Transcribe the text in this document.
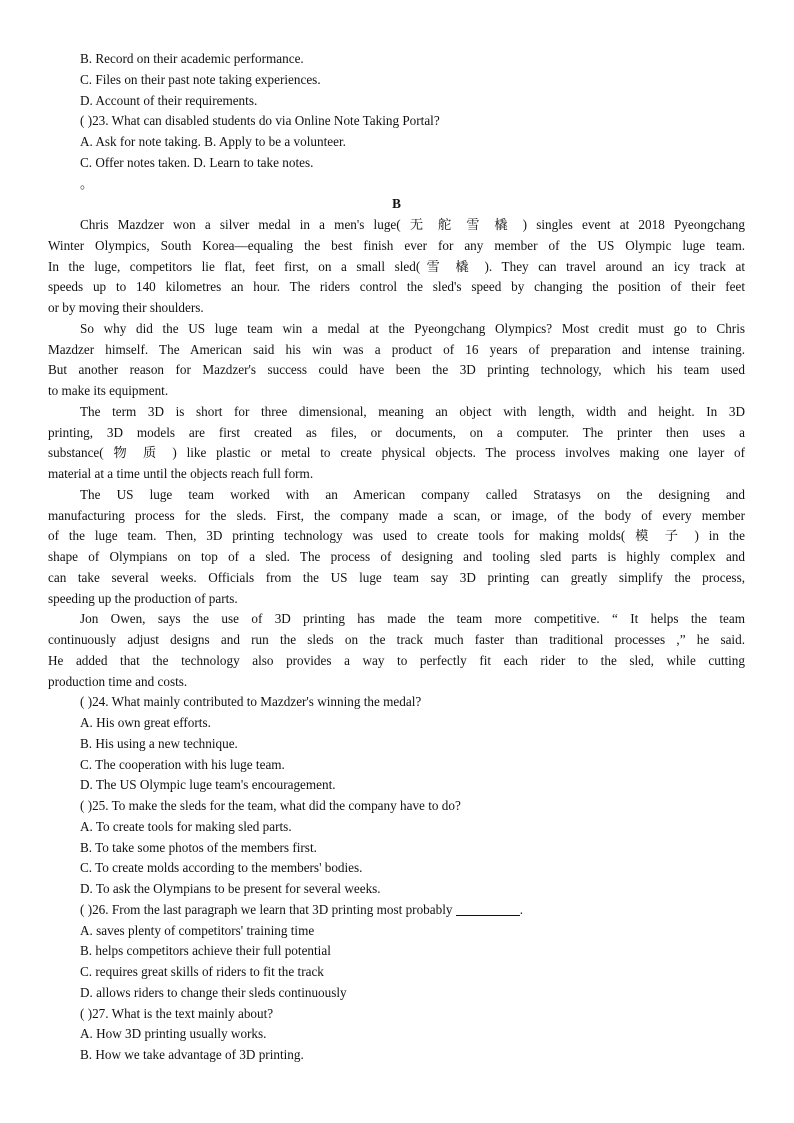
B. Record on their academic performance.
C. Files on their past note taking experiences.
D. Account of their requirements.
( )23. What can disabled students do via Online Note Taking Portal?
A. Ask for note taking. B. Apply to be a volunteer.
C. Offer notes taken. D. Learn to take notes.
。
B
Chris Mazdzer won a silver medal in a men's luge( 无 舵 雪 橇 ) singles event at 2018 Pyeongchang
Winter Olympics, South Korea—equaling the best finish ever for any member of the US Olympic luge team.
In the luge, competitors lie flat, feet first, on a small sled(雪 橇 ). They can travel around an icy track at
speeds up to 140 kilometres an hour. The riders control the sled's speed by changing the position of their feet
or by moving their shoulders.
So why did the US luge team win a medal at the Pyeongchang Olympics? Most credit must go to Chris
Mazdzer himself. The American said his win was a product of 16 years of preparation and intense training.
But another reason for Mazdzer's success could have been the 3D printing technology, which his team used
to make its equipment.
The term 3D is short for three dimensional, meaning an object with length, width and height. In 3D
printing, 3D models are first created as files, or documents, on a computer. The printer then uses a
substance( 物 质 ) like plastic or metal to create physical objects. The process involves making one layer of
material at a time until the objects reach full form.
The US luge team worked with an American company called Stratasys on the designing and
manufacturing process for the sleds. First, the company made a scan, or image, of the body of every member
of the luge team. Then, 3D printing technology was used to create tools for making molds( 模 子 ) in the
shape of Olympians on top of a sled. The process of designing and tooling sled parts is highly complex and
can take several weeks. Officials from the US luge team say 3D printing can greatly simplify the process,
speeding up the production of parts.
Jon Owen, says the use of 3D printing has made the team more competitive. “ It helps the team
continuously adjust designs and run the sleds on the track much faster than traditional processes ,” he said.
He added that the technology also provides a way to perfectly fit each rider to the sled, while cutting
production time and costs.
( )24. What mainly contributed to Mazdzer's winning the medal?
A. His own great efforts.
B. His using a new technique.
C. The cooperation with his luge team.
D. The US Olympic luge team's encouragement.
( )25. To make the sleds for the team, what did the company have to do?
A. To create tools for making sled parts.
B. To take some photos of the members first.
C. To create molds according to the members' bodies.
D. To ask the Olympians to be present for several weeks.
( )26. From the last paragraph we learn that 3D printing most probably	.
A. saves plenty of competitors' training time
B. helps competitors achieve their full potential
C. requires great skills of riders to fit the track
D. allows riders to change their sleds continuously
( )27. What is the text mainly about?
A. How 3D printing usually works.
B. How we take advantage of 3D printing.
